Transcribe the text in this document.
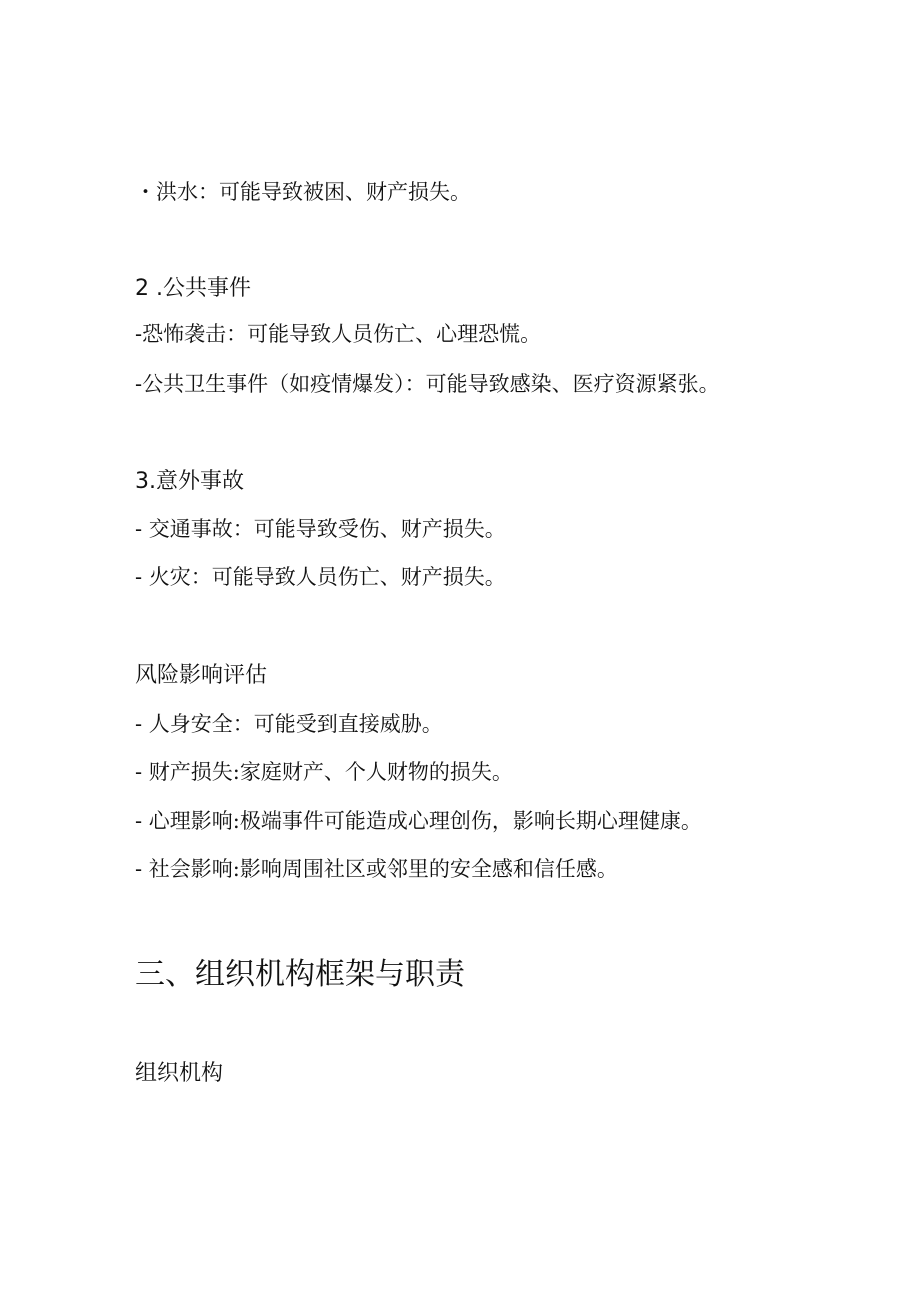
・洪水：可能导致被困、财产损失。
2 .公共事件
-恐怖袭击：可能导致人员伤亡、心理恐慌。
-公共卫生事件（如疫情爆发）：可能导致感染、医疗资源紧张。
3.意外事故
- 交通事故：可能导致受伤、财产损失。
- 火灾：可能导致人员伤亡、财产损失。
风险影响评估
- 人身安全：可能受到直接威胁。
- 财产损失:家庭财产、个人财物的损失。
- 心理影响:极端事件可能造成心理创伤，影响长期心理健康。
- 社会影响:影响周围社区或邻里的安全感和信任感。
三、组织机构框架与职责
组织机构
